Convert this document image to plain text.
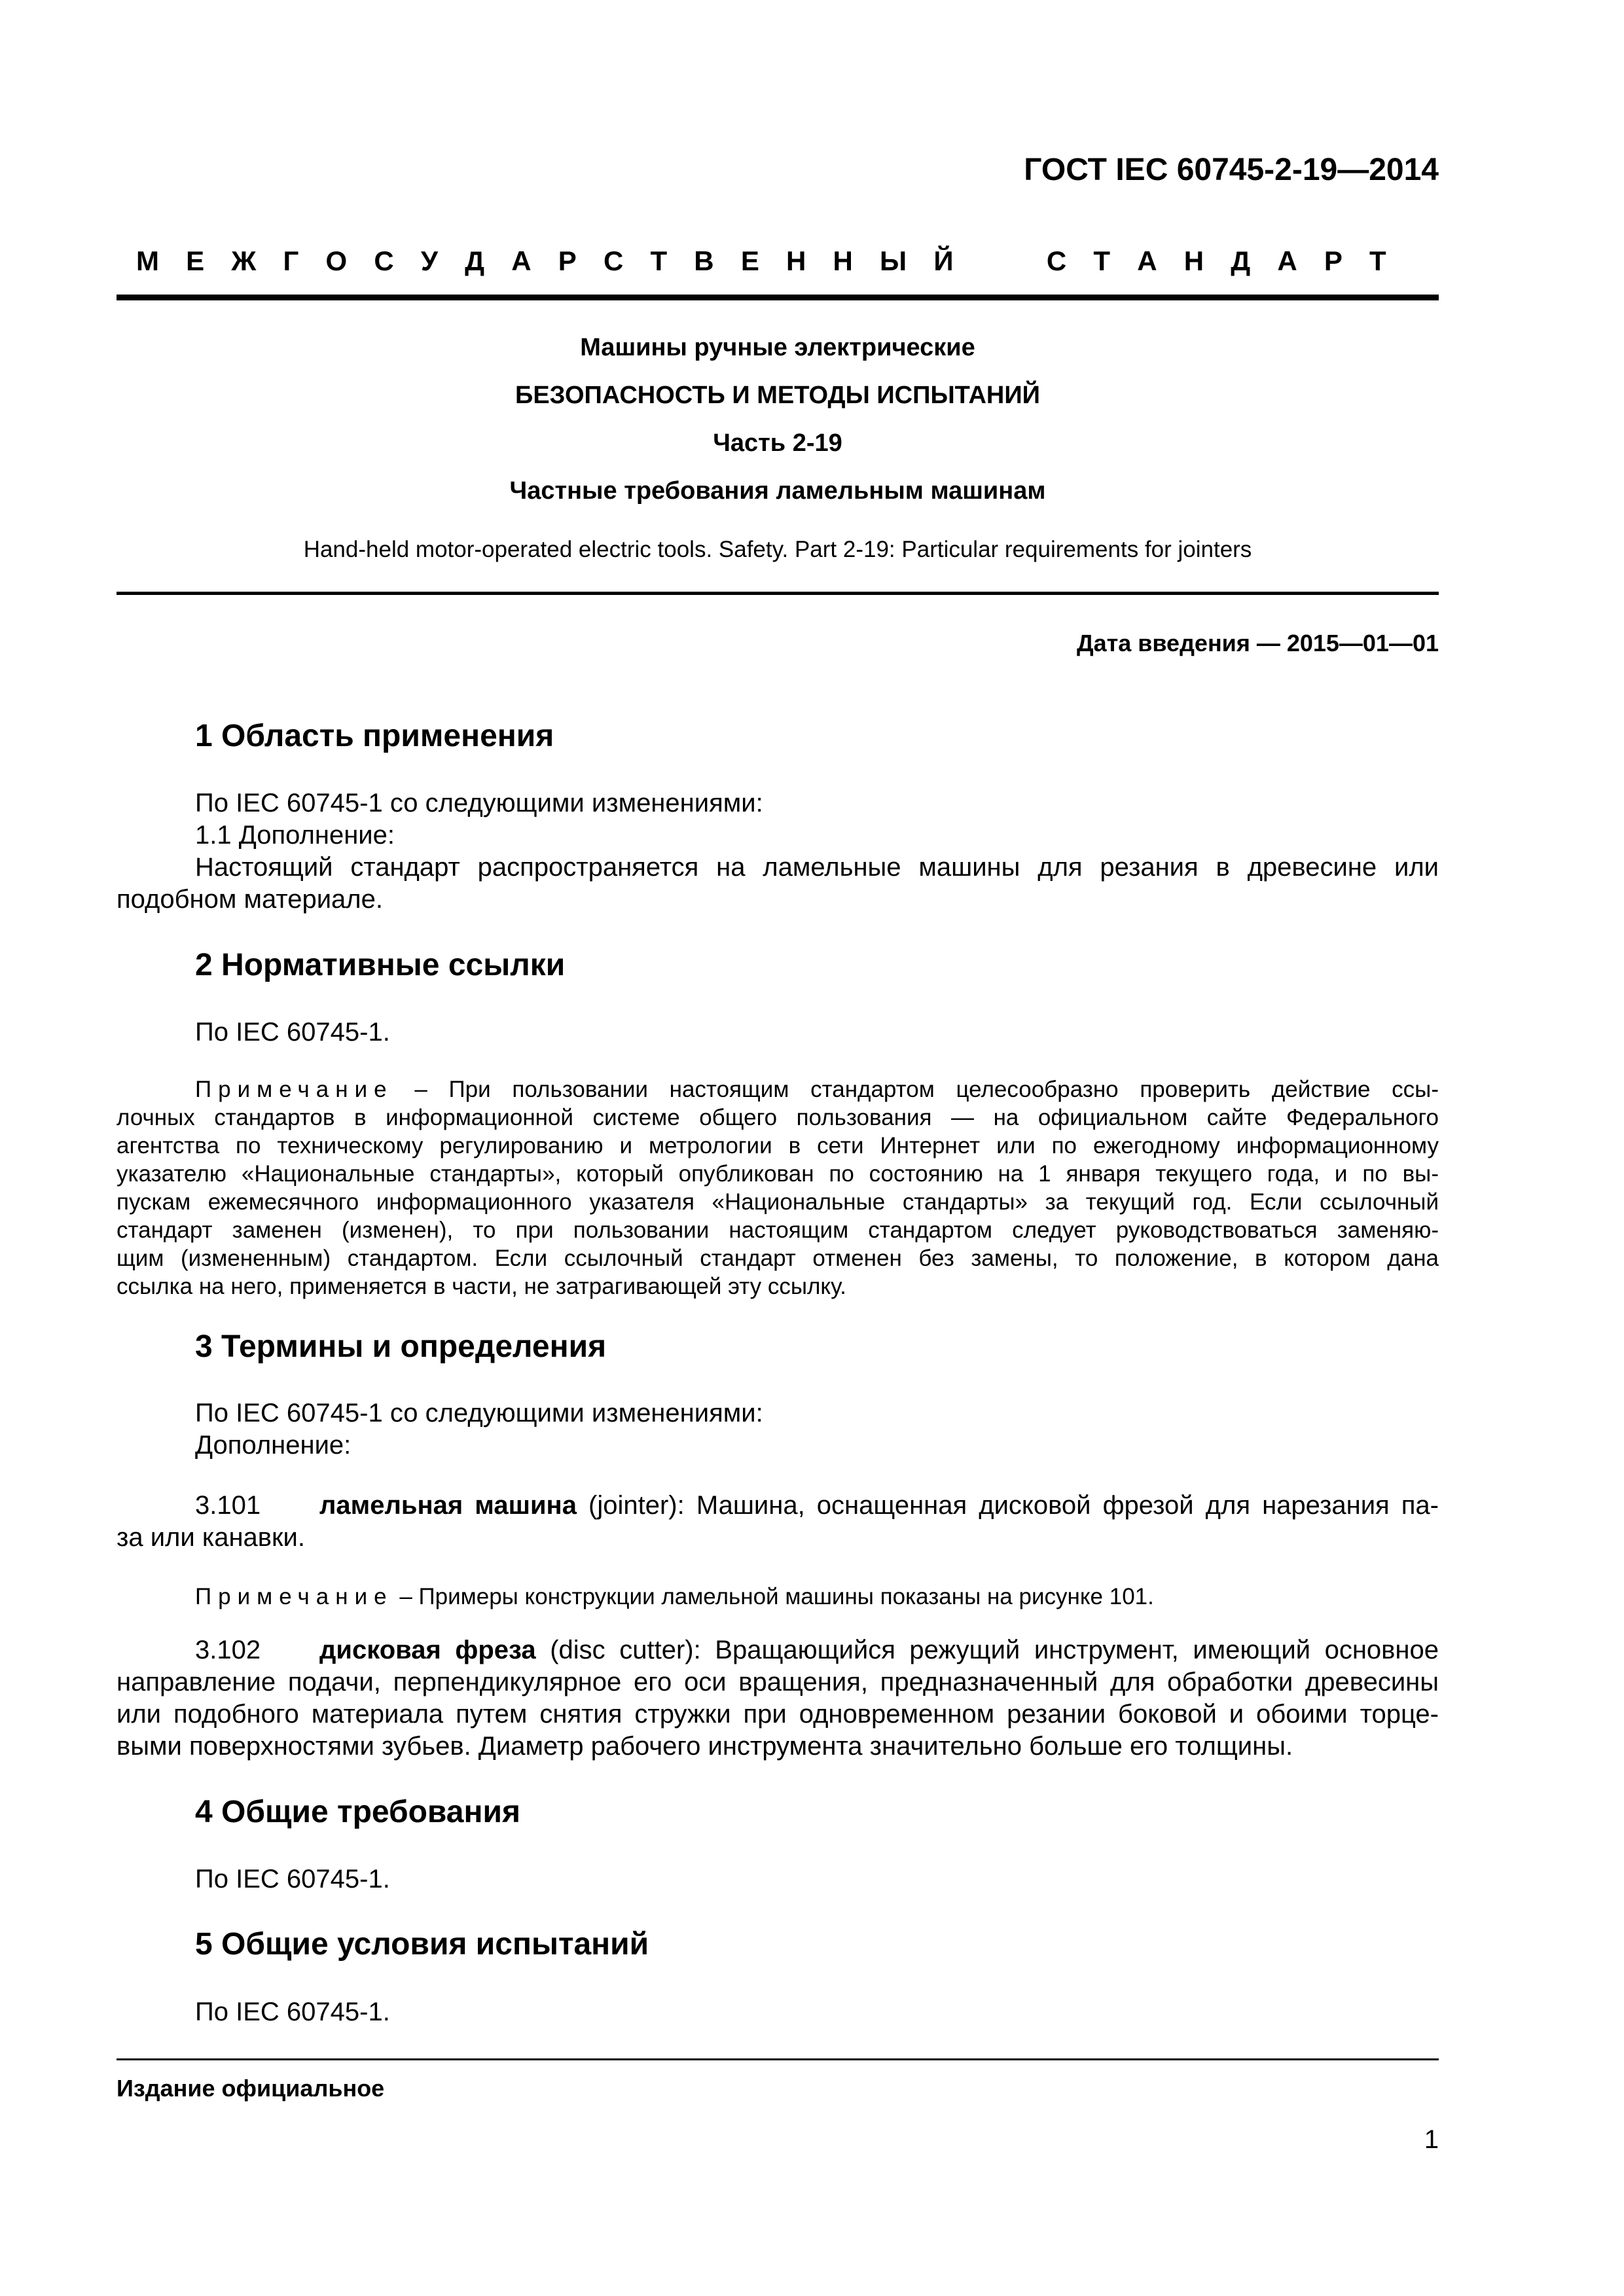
ГОСТ IEC 60745-2-19—2014
М Е Ж Г О С У Д А Р С Т В Е Н Н Ы Й	С Т А Н Д А Р Т
Машины ручные электрические
БЕЗОПАСНОСТЬ И МЕТОДЫ ИСПЫТАНИЙ
Часть 2-19
Частные требования ламельным машинам
Hand-held motor-operated electric tools. Safety. Part 2-19: Particular requirements for jointers
Дата введения — 2015—01—01
1 Область применения
По IEC 60745-1 со следующими изменениями:
1.1 Дополнение:
Настоящий стандарт распространяется на ламельные машины для резания в древесине или
подобном материале.
2 Нормативные ссылки
По IEC 60745-1.
Примечание – При пользовании настоящим стандартом целесообразно проверить действие ссы-
лочных стандартов в информационной системе общего пользования — на официальном сайте Федерального
агентства по техническому регулированию и метрологии в сети Интернет или по ежегодному информационному
указателю «Национальные стандарты», который опубликован по состоянию на 1 января текущего года, и по вы-
пускам ежемесячного информационного указателя «Национальные стандарты» за текущий год. Если ссылочный
стандарт заменен (изменен), то при пользовании настоящим стандартом следует руководствоваться заменяю-
щим (измененным) стандартом. Если ссылочный стандарт отменен без замены, то положение, в котором дана
ссылка на него, применяется в части, не затрагивающей эту ссылку.
3 Термины и определения
По IEC 60745-1 со следующими изменениями:
Дополнение:
3.101 ламельная машина (jointer): Машина, оснащенная дисковой фрезой для нарезания па-
за или канавки.
Примечание – Примеры конструкции ламельной машины показаны на рисунке 101.
3.102 дисковая фреза (disc cutter): Вращающийся режущий инструмент, имеющий основное
направление подачи, перпендикулярное его оси вращения, предназначенный для обработки древесины
или подобного материала путем снятия стружки при одновременном резании боковой и обоими торце-
выми поверхностями зубьев. Диаметр рабочего инструмента значительно больше его толщины.
4 Общие требования
По IEC 60745-1.
5 Общие условия испытаний
По IEC 60745-1.
Издание официальное
1
